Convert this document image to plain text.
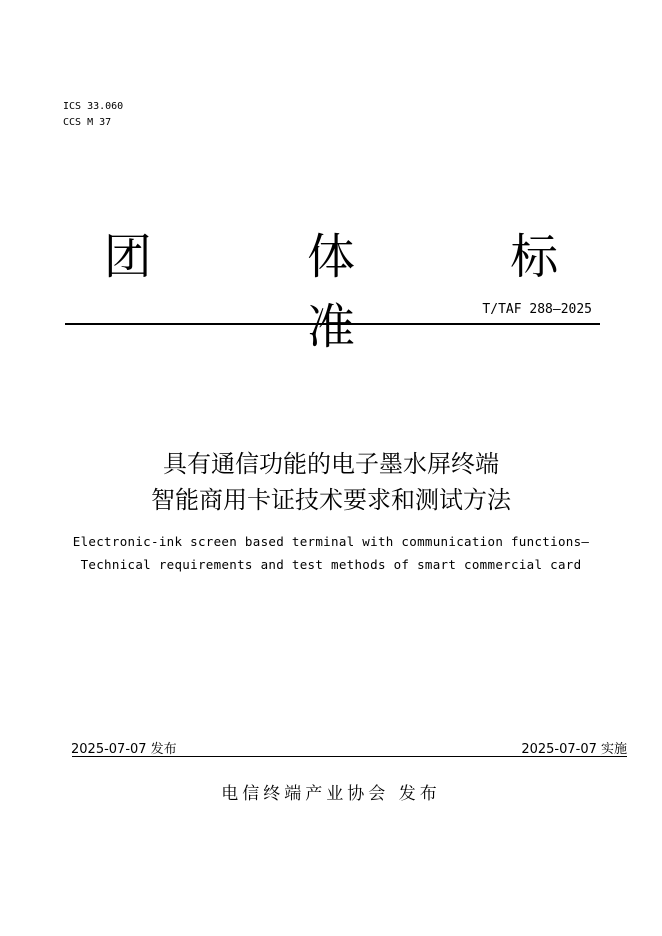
ICS 33.060
CCS M 37
团 体 标 准	T/TAF 288—2025
具有通信功能的电子墨水屏终端
智能商用卡证技术要求和测试方法
Electronic-ink screen based terminal with communication functions—
Technical requirements and test methods of smart commercial card
2025-07-07 发布	2025-07-07 实施
电信终端产业协会 发布
